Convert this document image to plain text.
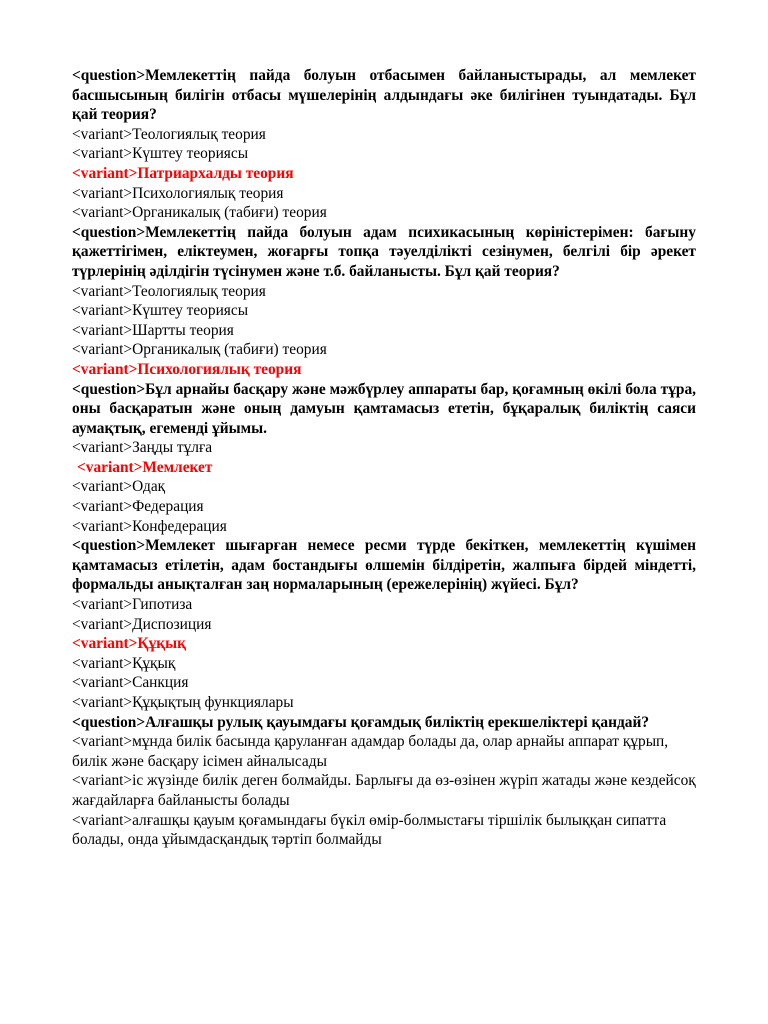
<question>Мемлекеттің пайда болуын отбасымен байланыстырады, ал мемлекет басшысының билігін отбасы мүшелерінің алдындағы әке билігінен туындатады. Бұл қай теория?
<variant>Теологиялық теория
<variant>Күштеу теориясы
<variant>Патриархалды теория
<variant>Психологиялық теория
<variant>Органикалық (табиғи) теория
<question>Мемлекеттің пайда болуын адам психикасының көріністерімен: бағыну қажеттігімен, еліктеумен, жоғарғы топқа тәуелділікті сезінумен, белгілі бір әрекет түрлерінің әділдігін түсінумен және т.б. байланысты. Бұл қай теория?
<variant>Теологиялық теория
<variant>Күштеу теориясы
<variant>Шартты теория
<variant>Органикалық (табиғи) теория
<variant>Психологиялық теория
<question>Бұл арнайы басқару және мәжбүрлеу аппараты бар, қоғамның өкілі бола тұра, оны басқаратын және оның дамуын қамтамасыз ететін, бұқаралық биліктің саяси аумақтық, егеменді ұйымы.
<variant>Заңды тұлға
<variant>Мемлекет
<variant>Одақ
<variant>Федерация
<variant>Конфедерация
<question>Мемлекет шығарған немесе ресми түрде бекіткен, мемлекеттің күшімен қамтамасыз етілетін, адам бостандығы өлшемін білдіретін, жалпыға бірдей міндетті, формальды анықталған заң нормаларының (ережелерінің) жүйесі. Бұл?
<variant>Гипотиза
<variant>Диспозиция
<variant>Құқық
<variant>Құқық
<variant>Санкция
<variant>Құқықтың функциялары
<question>Алғашқы рулық қауымдағы қоғамдық биліктің ерекшеліктері қандай?
<variant>мұнда билік басында қаруланған адамдар болады да, олар арнайы аппарат құрып, билік және басқару ісімен айналысады
<variant>іс жүзінде билік деген болмайды. Барлығы да өз-өзінен жүріп жатады және кездейсоқ жағдайларға байланысты болады
<variant>алғашқы қауым қоғамындағы бүкіл өмір-болмыстағы тіршілік былыққан сипатта болады, онда ұйымдасқандық тәртіп болмайды
